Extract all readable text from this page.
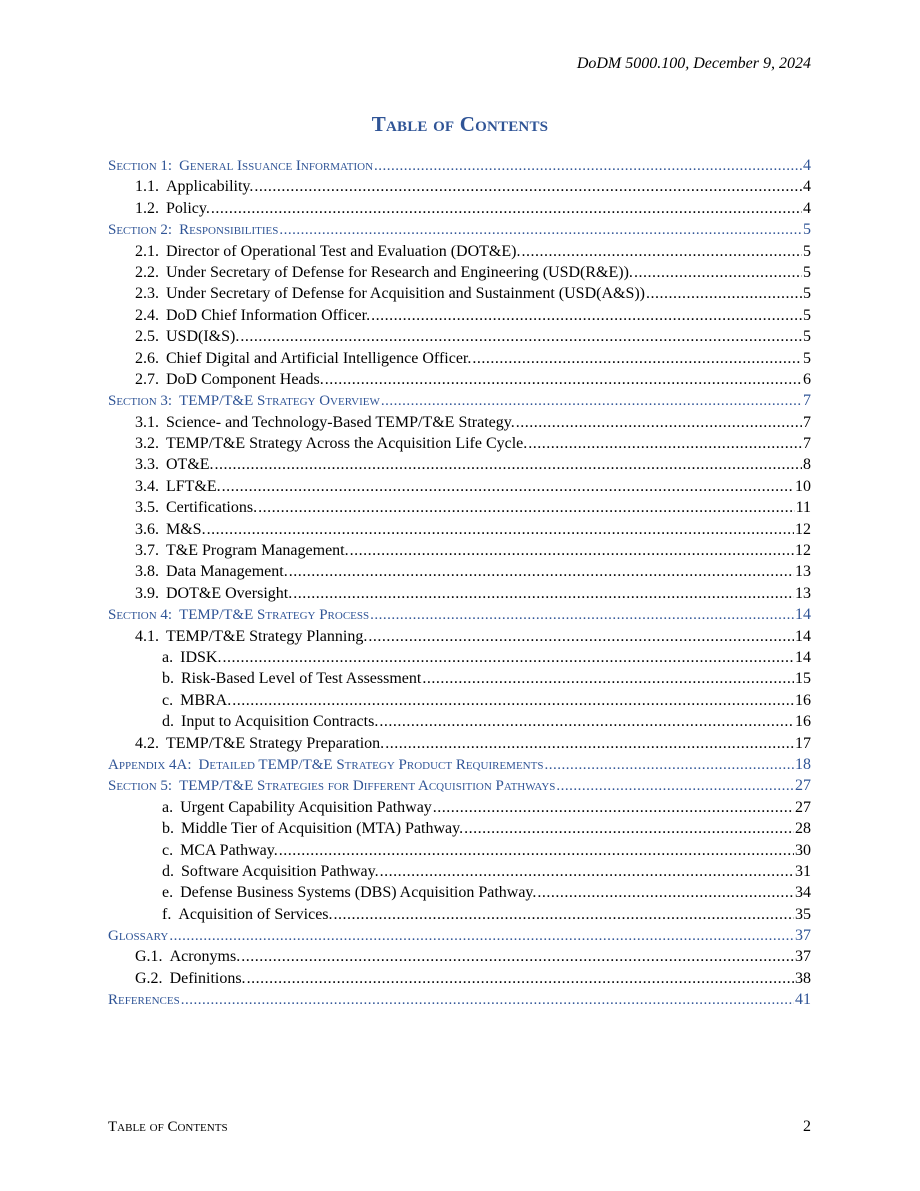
DoDM 5000.100, December 9, 2024
Table of Contents
Section 1: General Issuance Information .....	4
1.1. Applicability. .....	4
1.2. Policy. .....	4
Section 2: Responsibilities .....	5
2.1. Director of Operational Test and Evaluation (DOT&E). .....	5
2.2. Under Secretary of Defense for Research and Engineering (USD(R&E)). .....	5
2.3. Under Secretary of Defense for Acquisition and Sustainment (USD(A&S)) .....	5
2.4. DoD Chief Information Officer. .....	5
2.5. USD(I&S). .....	5
2.6. Chief Digital and Artificial Intelligence Officer. .....	5
2.7. DoD Component Heads. .....	6
Section 3: TEMP/T&E Strategy Overview .....	7
3.1. Science- and Technology-Based TEMP/T&E Strategy. .....	7
3.2. TEMP/T&E Strategy Across the Acquisition Life Cycle. .....	7
3.3. OT&E. .....	8
3.4. LFT&E. .....	10
3.5. Certifications. .....	11
3.6. M&S. .....	12
3.7. T&E Program Management. .....	12
3.8. Data Management. .....	13
3.9. DOT&E Oversight. .....	13
Section 4: TEMP/T&E Strategy Process .....	14
4.1. TEMP/T&E Strategy Planning. .....	14
a. IDSK. .....	14
b. Risk-Based Level of Test Assessment .....	15
c. MBRA. .....	16
d. Input to Acquisition Contracts. .....	16
4.2. TEMP/T&E Strategy Preparation. .....	17
Appendix 4A: Detailed TEMP/T&E Strategy Product Requirements .....	18
Section 5: TEMP/T&E Strategies for Different Acquisition Pathways .....	27
a. Urgent Capability Acquisition Pathway .....	27
b. Middle Tier of Acquisition (MTA) Pathway. .....	28
c. MCA Pathway. .....	30
d. Software Acquisition Pathway. .....	31
e. Defense Business Systems (DBS) Acquisition Pathway. .....	34
f. Acquisition of Services. .....	35
Glossary .....	37
G.1. Acronyms. .....	37
G.2. Definitions. .....	38
References .....	41
Table of Contents	2
